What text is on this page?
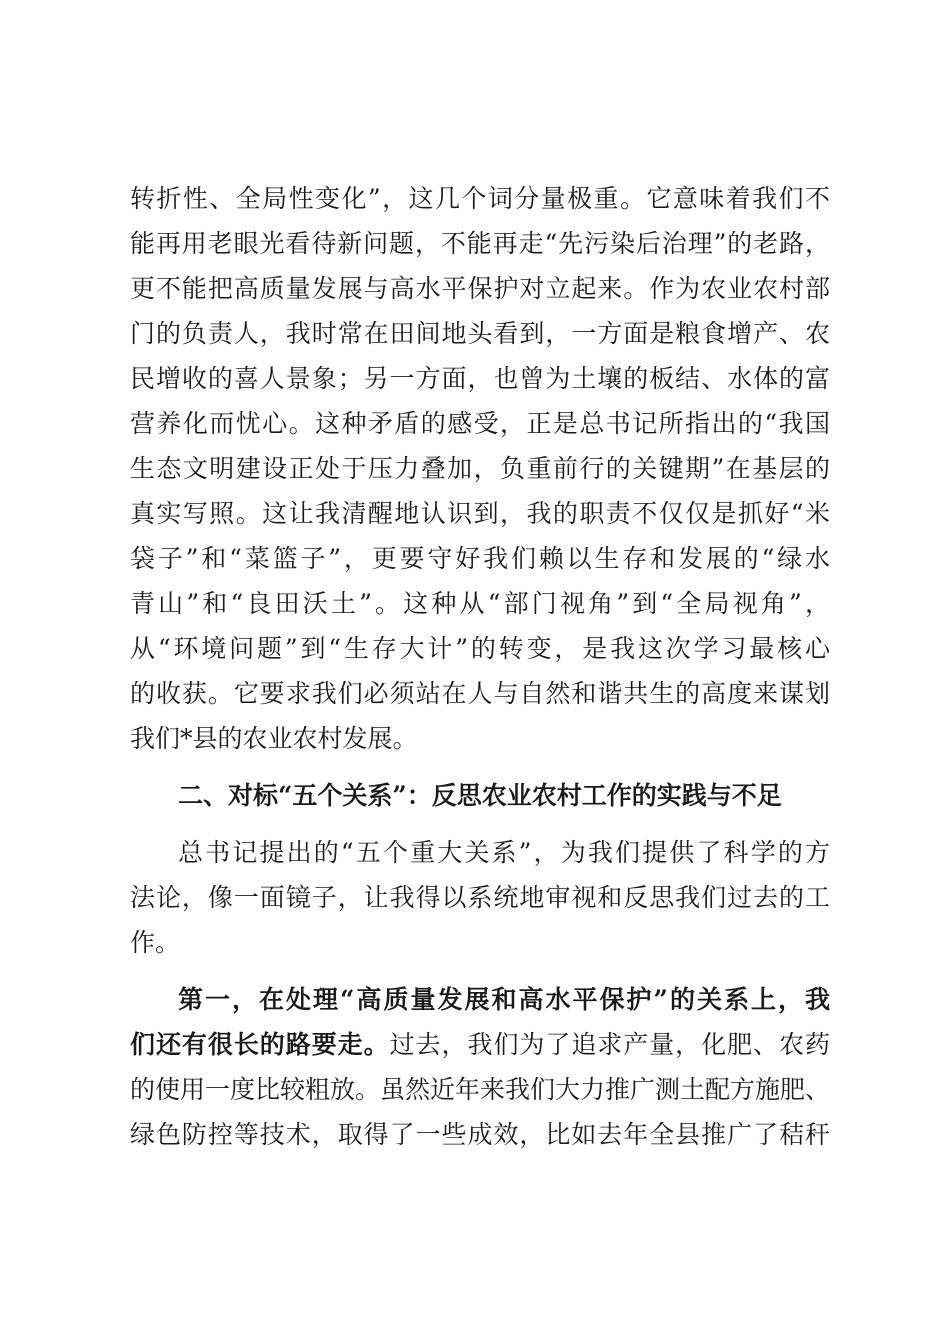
转折性、全局性变化”，这几个词分量极重。它意味着我们不
能再用老眼光看待新问题，不能再走“先污染后治理”的老路，
更不能把高质量发展与高水平保护对立起来。作为农业农村部
门的负责人，我时常在田间地头看到，一方面是粮食增产、农
民增收的喜人景象；另一方面，也曾为土壤的板结、水体的富
营养化而忧心。这种矛盾的感受，正是总书记所指出的“我国
生态文明建设正处于压力叠加，负重前行的关键期”在基层的
真实写照。这让我清醒地认识到，我的职责不仅仅是抓好“米
袋子”和“菜篮子”，更要守好我们赖以生存和发展的“绿水
青山”和“良田沃土”。这种从“部门视角”到“全局视角”，
从“环境问题”到“生存大计”的转变，是我这次学习最核心
的收获。它要求我们必须站在人与自然和谐共生的高度来谋划
我们*县的农业农村发展。
二、对标“五个关系”：反思农业农村工作的实践与不足
总书记提出的“五个重大关系”，为我们提供了科学的方
法论，像一面镜子，让我得以系统地审视和反思我们过去的工
作。
第一，在处理“高质量发展和高水平保护”的关系上，我
们还有很长的路要走。过去，我们为了追求产量，化肥、农药
的使用一度比较粗放。虽然近年来我们大力推广测土配方施肥、
绿色防控等技术，取得了一些成效，比如去年全县推广了秸秆
